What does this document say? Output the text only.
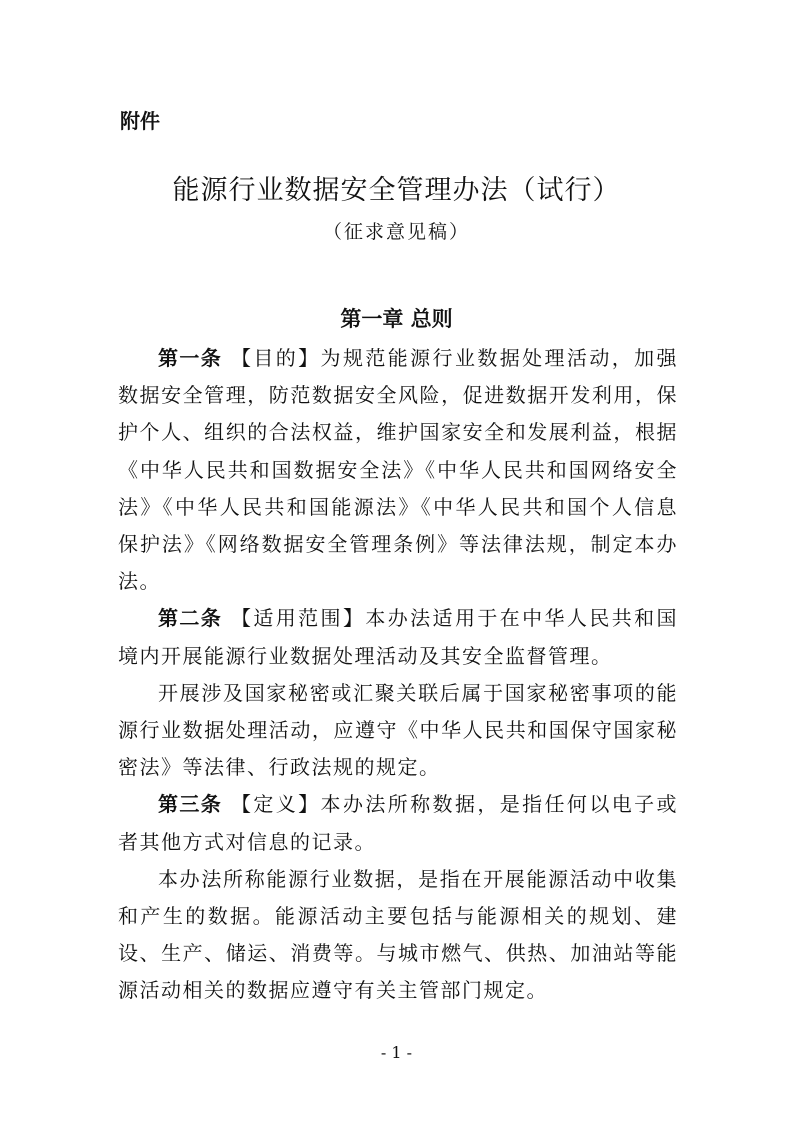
附件
能源行业数据安全管理办法（试行）
（征求意见稿）
第一章 总则

第一条 【目的】为规范能源行业数据处理活动，加强数据安全管理，防范数据安全风险，促进数据开发利用，保护个人、组织的合法权益，维护国家安全和发展利益，根据《中华人民共和国数据安全法》《中华人民共和国网络安全法》《中华人民共和国能源法》《中华人民共和国个人信息保护法》《网络数据安全管理条例》等法律法规，制定本办法。

第二条 【适用范围】本办法适用于在中华人民共和国境内开展能源行业数据处理活动及其安全监督管理。

开展涉及国家秘密或汇聚关联后属于国家秘密事项的能源行业数据处理活动，应遵守《中华人民共和国保守国家秘密法》等法律、行政法规的规定。

第三条 【定义】本办法所称数据，是指任何以电子或者其他方式对信息的记录。

本办法所称能源行业数据，是指在开展能源活动中收集和产生的数据。能源活动主要包括与能源相关的规划、建设、生产、储运、消费等。与城市燃气、供热、加油站等能源活动相关的数据应遵守有关主管部门规定。

- 1 -
